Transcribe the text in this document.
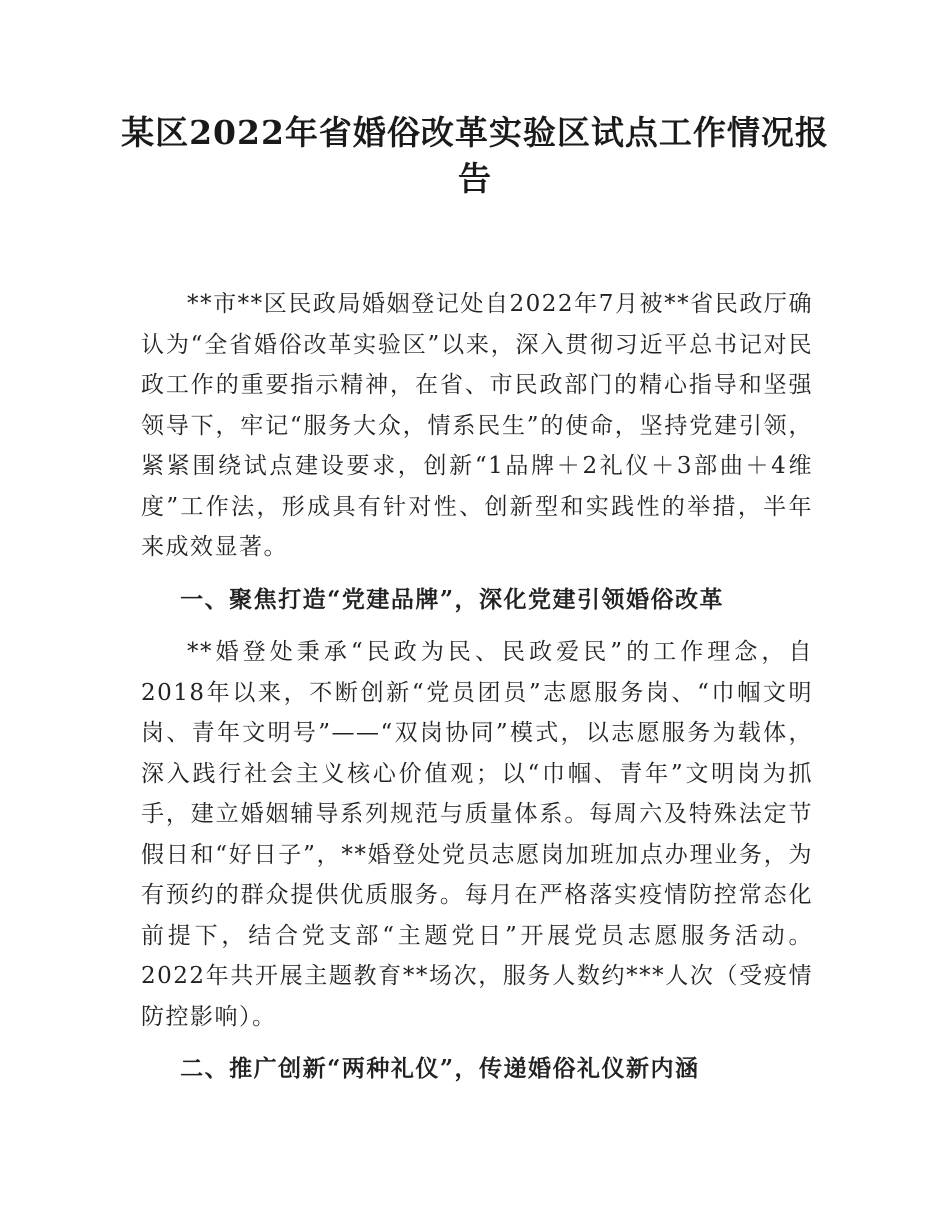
某区2022年省婚俗改革实验区试点工作情况报告

**市**区民政局婚姻登记处自2022年7月被**省民政厅确认为“全省婚俗改革实验区”以来，深入贯彻习近平总书记对民政工作的重要指示精神，在省、市民政部门的精心指导和坚强领导下，牢记“服务大众，情系民生”的使命，坚持党建引领，紧紧围绕试点建设要求，创新“1品牌＋2礼仪＋3部曲＋4维度”工作法，形成具有针对性、创新型和实践性的举措，半年来成效显著。

一、聚焦打造“党建品牌”，深化党建引领婚俗改革

**婚登处秉承“民政为民、民政爱民”的工作理念，自2018年以来，不断创新“党员团员”志愿服务岗、“巾帼文明岗、青年文明号”——“双岗协同”模式，以志愿服务为载体，深入践行社会主义核心价值观；以“巾帼、青年”文明岗为抓手，建立婚姻辅导系列规范与质量体系。每周六及特殊法定节假日和“好日子”，**婚登处党员志愿岗加班加点办理业务，为有预约的群众提供优质服务。每月在严格落实疫情防控常态化前提下，结合党支部“主题党日”开展党员志愿服务活动。2022年共开展主题教育**场次，服务人数约***人次（受疫情防控影响）。

二、推广创新“两种礼仪”，传递婚俗礼仪新内涵
